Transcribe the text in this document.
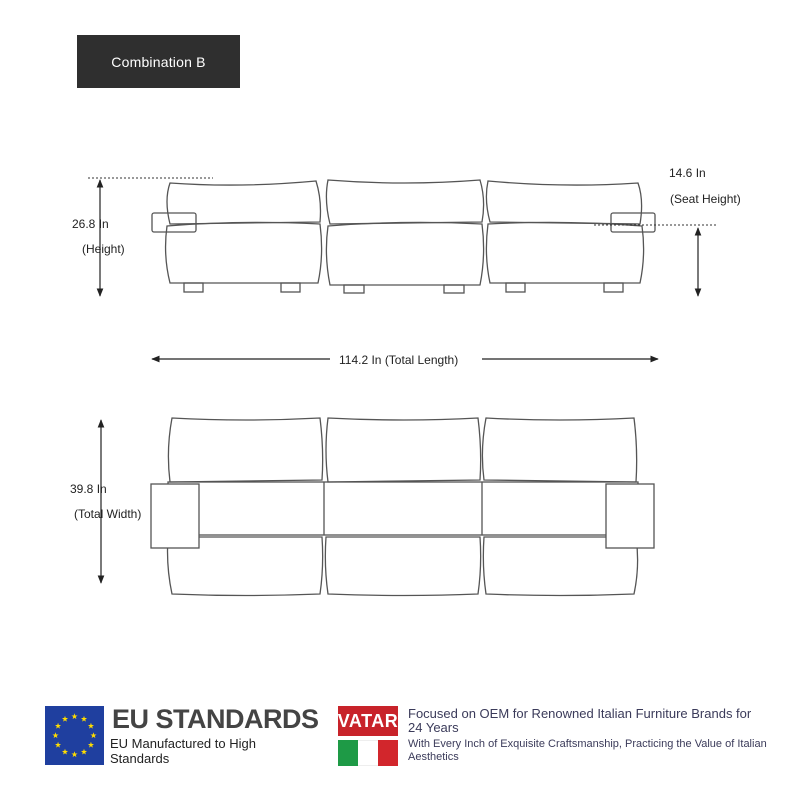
Combination B
26.8 In
(Height)
14.6 In
(Seat Height)
114.2 In (Total Length)
39.8 In
(Total Width)
EU STANDARDS
EU Manufactured to High Standards
VATAR Focused on OEM for Renowned Italian Furniture Brands for 24 Years
With Every Inch of Exquisite Craftsmanship, Practicing the Value of Italian Aesthetics
